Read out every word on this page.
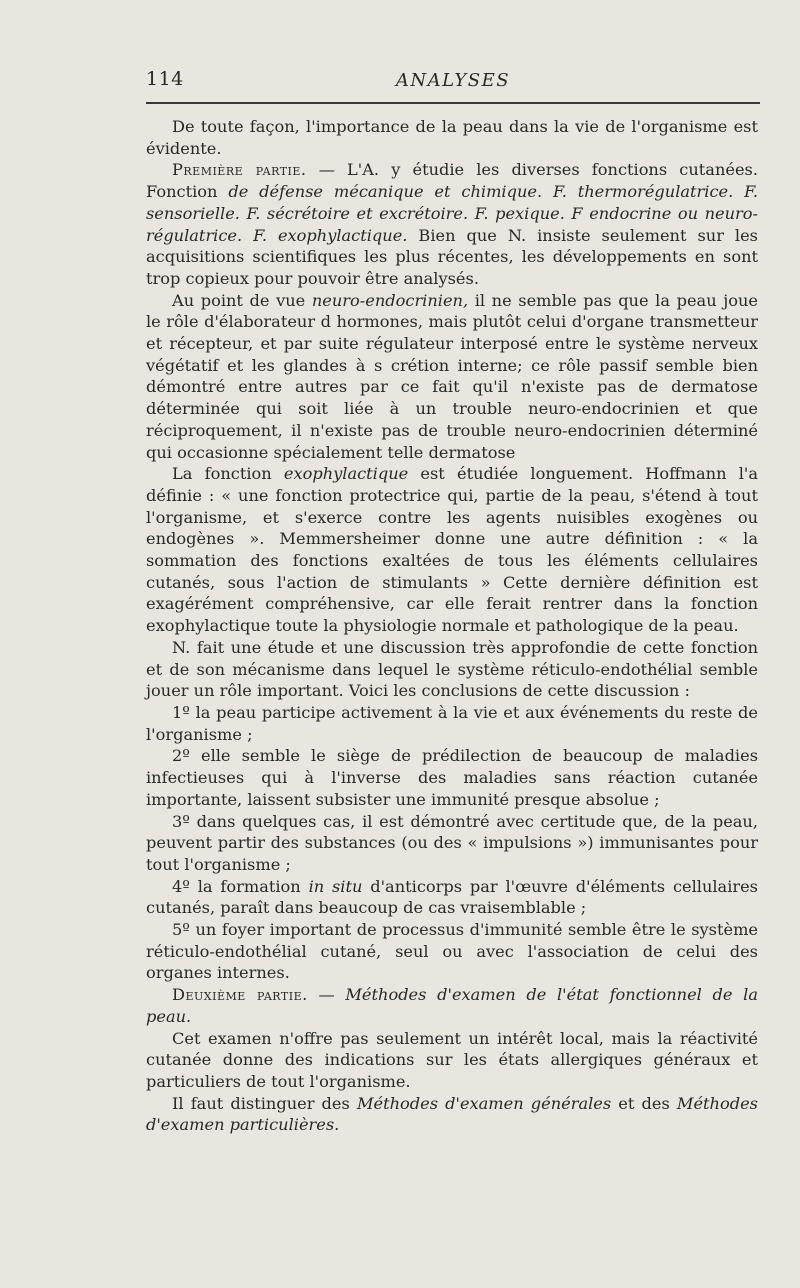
114	ANALYSES

De toute façon, l'importance de la peau dans la vie de l'organisme est évidente.

Première partie. — L'A. y étudie les diverses fonctions cutanées. Fonction de défense mécanique et chimique. F. thermorégulatrice. F. sensorielle. F. sécrétoire et excrétoire. F. pexique. F endocrine ou neuro-régulatrice. F. exophylactique. Bien que N. insiste seulement sur les acquisitions scientifiques les plus récentes, les développements en sont trop copieux pour pouvoir être analysés.

Au point de vue neuro-endocrinien, il ne semble pas que la peau joue le rôle d'élaborateur d hormones, mais plutôt celui d'organe transmetteur et récepteur, et par suite régulateur interposé entre le système nerveux végétatif et les glandes à s crétion interne; ce rôle passif semble bien démontré entre autres par ce fait qu'il n'existe pas de dermatose déterminée qui soit liée à un trouble neuro-endocrinien et que réciproquement, il n'existe pas de trouble neuro-endocrinien déterminé qui occasionne spécialement telle dermatose

La fonction exophylactique est étudiée longuement. Hoffmann l'a définie : « une fonction protectrice qui, partie de la peau, s'étend à tout l'organisme, et s'exerce contre les agents nuisibles exogènes ou endogènes ». Memmersheimer donne une autre définition : « la sommation des fonctions exaltées de tous les éléments cellulaires cutanés, sous l'action de stimulants » Cette dernière définition est exagérément compréhensive, car elle ferait rentrer dans la fonction exophylactique toute la physiologie normale et pathologique de la peau.

N. fait une étude et une discussion très approfondie de cette fonction et de son mécanisme dans lequel le système réticulo-endothélial semble jouer un rôle important. Voici les conclusions de cette discussion :

1º la peau participe activement à la vie et aux événements du reste de l'organisme ;

2º elle semble le siège de prédilection de beaucoup de maladies infectieuses qui à l'inverse des maladies sans réaction cutanée importante, laissent subsister une immunité presque absolue ;

3º dans quelques cas, il est démontré avec certitude que, de la peau, peuvent partir des substances (ou des « impulsions ») immunisantes pour tout l'organisme ;

4º la formation in situ d'anticorps par l'œuvre d'éléments cellulaires cutanés, paraît dans beaucoup de cas vraisemblable ;

5º un foyer important de processus d'immunité semble être le système réticulo-endothélial cutané, seul ou avec l'association de celui des organes internes.

Deuxième partie. — Méthodes d'examen de l'état fonctionnel de la peau.

Cet examen n'offre pas seulement un intérêt local, mais la réactivité cutanée donne des indications sur les états allergiques généraux et particuliers de tout l'organisme.

Il faut distinguer des Méthodes d'examen générales et des Méthodes d'examen particulières.
